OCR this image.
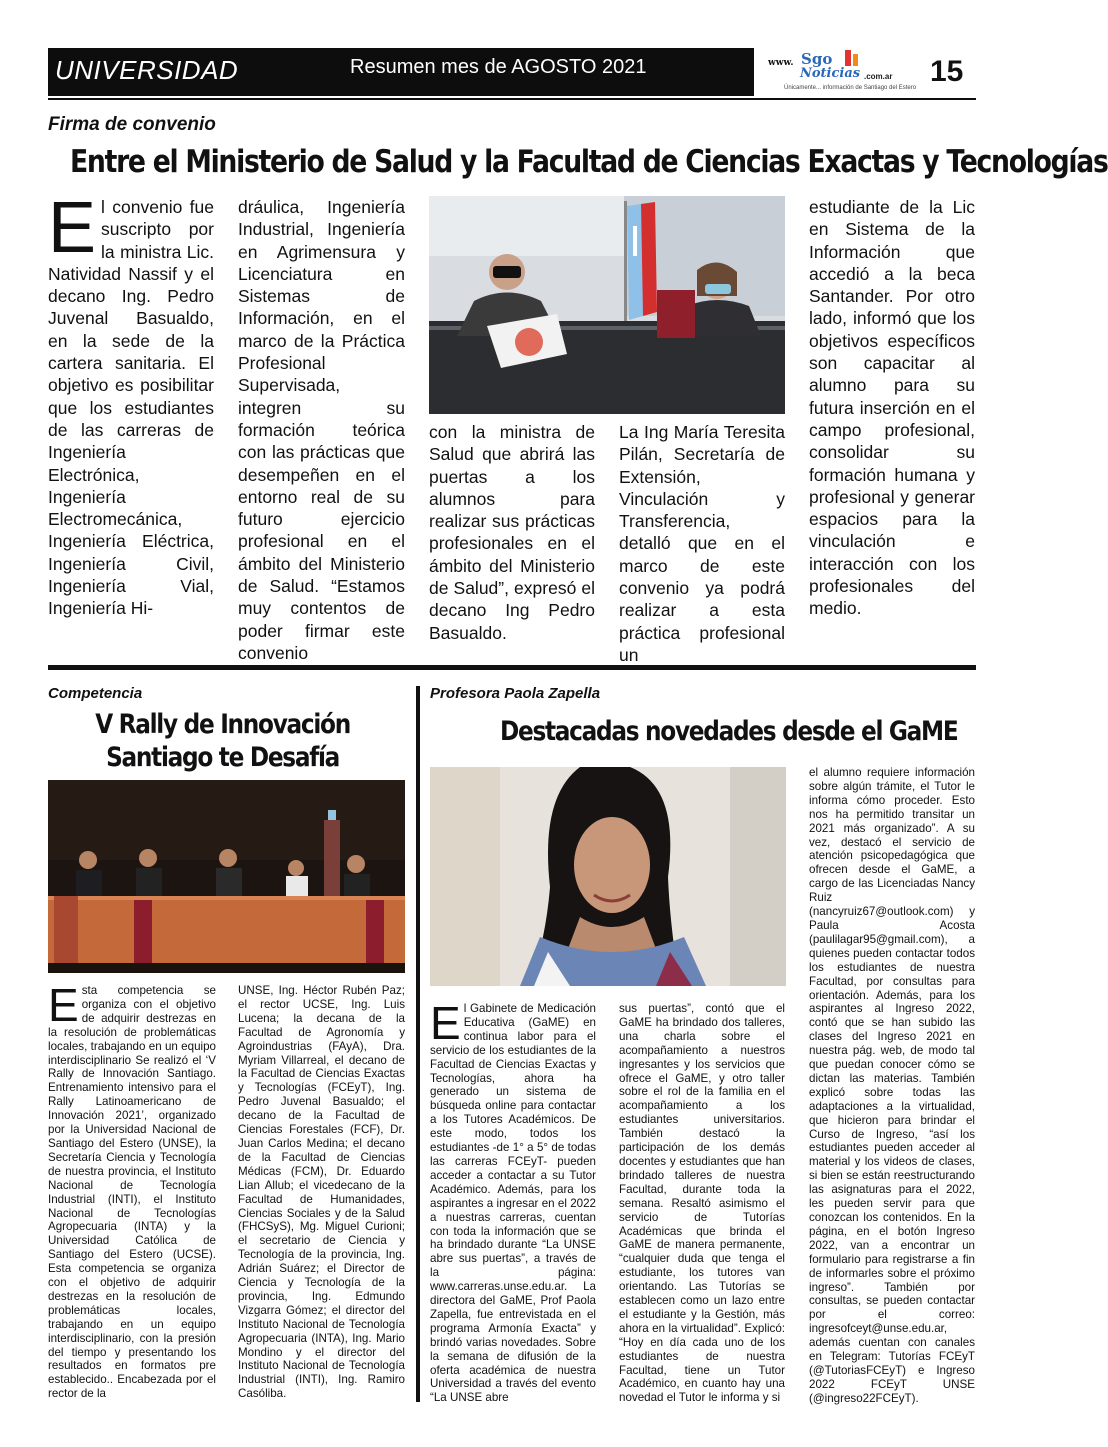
UNIVERSIDAD	Resumen mes de AGOSTO 2021	www. Sgo
Noticias .com.ar
Únicamente... información de Santiago del Estero 15
Firma de convenio
Entre el Ministerio de Salud y la Facultad de Ciencias Exactas y Tecnologías
El convenio fue suscripto por la ministra Lic. Natividad Nassif y el decano Ing. Pedro Juvenal Basualdo, en la sede de la cartera sanitaria. El objetivo es posibilitar que los estudiantes de las carreras de Ingeniería Electrónica, Ingeniería Electromecánica, Ingeniería Eléctrica, Ingeniería Civil, Ingeniería Vial, Ingeniería Hi-
dráulica, Ingeniería Industrial, Ingeniería en Agrimensura y Licenciatura en Sistemas de Información, en el marco de la Práctica Profesional Supervisada, integren su formación teórica con las prácticas que desempeñen en el entorno real de su futuro ejercicio profesional en el ámbito del Ministerio de Salud. “Estamos muy contentos de poder firmar este convenio
con la ministra de Salud que abrirá las puertas a los alumnos para realizar sus prácticas profesionales en el ámbito del Ministerio de Salud”, expresó el decano Ing Pedro Basualdo.
La Ing María Teresita Pilán, Secretaría de Extensión, Vinculación y Transferencia, detalló que en el marco de este convenio ya podrá realizar a esta práctica profesional un
estudiante de la Lic en Sistema de la Información que accedió a la beca Santander. Por otro lado, informó que los objetivos específicos son capacitar al alumno para su futura inserción en el campo profesional, consolidar su formación humana y profesional y generar espacios para la vinculación e interacción con los profesionales del medio.
Competencia
V Rally de Innovación
Santiago te Desafía
Esta competencia se organiza con el objetivo de adquirir destrezas en la resolución de problemáticas locales, trabajando en un equipo interdisciplinario Se realizó el ‘V Rally de Innovación Santiago. Entrenamiento intensivo para el Rally Latinoamericano de Innovación 2021’, organizado por la Universidad Nacional de Santiago del Estero (UNSE), la Secretaría Ciencia y Tecnología de nuestra provincia, el Instituto Nacional de Tecnología Industrial (INTI), el Instituto Nacional de Tecnologías Agropecuaria (INTA) y la Universidad Católica de Santiago del Estero (UCSE). Esta competencia se organiza con el objetivo de adquirir destrezas en la resolución de problemáticas locales, trabajando en un equipo interdisciplinario, con la presión del tiempo y presentando los resultados en formatos pre establecido.. Encabezada por el rector de la
UNSE, Ing. Héctor Rubén Paz; el rector UCSE, Ing. Luis Lucena; la decana de la Facultad de Agronomía y Agroindustrias (FAyA), Dra. Myriam Villarreal, el decano de la Facultad de Ciencias Exactas y Tecnologías (FCEyT), Ing. Pedro Juvenal Basualdo; el decano de la Facultad de Ciencias Forestales (FCF), Dr. Juan Carlos Medina; el decano de la Facultad de Ciencias Médicas (FCM), Dr. Eduardo Lian Allub; el vicedecano de la Facultad de Humanidades, Ciencias Sociales y de la Salud (FHCSyS), Mg. Miguel Curioni; el secretario de Ciencia y Tecnología de la provincia, Ing. Adrián Suárez; el Director de Ciencia y Tecnología de la provincia, Ing. Edmundo Vizgarra Gómez; el director del Instituto Nacional de Tecnología Agropecuaria (INTA), Ing. Mario Mondino y el director del Instituto Nacional de Tecnología Industrial (INTI), Ing. Ramiro Casóliba.
Profesora Paola Zapella
Destacadas novedades desde el GaME
El Gabinete de Medicación Educativa (GaME) en continua labor para el servicio de los estudiantes de la Facultad de Ciencias Exactas y Tecnologías, ahora ha generado un sistema de búsqueda online para contactar a los Tutores Académicos. De este modo, todos los estudiantes -de 1° a 5° de todas las carreras FCEyT- pueden acceder a contactar a su Tutor Académico. Además, para los aspirantes a ingresar en el 2022 a nuestras carreras, cuentan con toda la información que se ha brindado durante “La UNSE abre sus puertas”, a través de la página: www.carreras.unse.edu.ar. La directora del GaME, Prof Paola Zapella, fue entrevistada en el programa Armonía Exacta” y brindó varias novedades. Sobre la semana de difusión de la oferta académica de nuestra Universidad a través del evento “La UNSE abre
sus puertas”, contó que el GaME ha brindado dos talleres, una charla sobre el acompañamiento a nuestros ingresantes y los servicios que ofrece el GaME, y otro taller sobre el rol de la familia en el acompañamiento a los estudiantes universitarios. También destacó la participación de los demás docentes y estudiantes que han brindado talleres de nuestra Facultad, durante toda la semana. Resaltó asimismo el servicio de Tutorías Académicas que brinda el GaME de manera permanente, “cualquier duda que tenga el estudiante, los tutores van orientando. Las Tutorías se establecen como un lazo entre el estudiante y la Gestión, más ahora en la virtualidad”. Explicó: “Hoy en día cada uno de los estudiantes de nuestra Facultad, tiene un Tutor Académico, en cuanto hay una novedad el Tutor le informa y si
el alumno requiere información sobre algún trámite, el Tutor le informa cómo proceder. Esto nos ha permitido transitar un 2021 más organizado”. A su vez, destacó el servicio de atención psicopedagógica que ofrecen desde el GaME, a cargo de las Licenciadas Nancy Ruiz (nancyruiz67@outlook.com) y Paula Acosta (paulilagar95@gmail.com), a quienes pueden contactar todos los estudiantes de nuestra Facultad, por consultas para orientación. Además, para los aspirantes al Ingreso 2022, contó que se han subido las clases del Ingreso 2021 en nuestra pág. web, de modo tal que puedan conocer cómo se dictan las materias. También explicó sobre todas las adaptaciones a la virtualidad, que hicieron para brindar el Curso de Ingreso, “así los estudiantes pueden acceder al material y los videos de clases, si bien se están reestructurando las asignaturas para el 2022, les pueden servir para que conozcan los contenidos. En la página, en el botón Ingreso 2022, van a encontrar un formulario para registrarse a fin de informarles sobre el próximo ingreso”. También por consultas, se pueden contactar por el correo: ingresofceyt@unse.edu.ar, además cuentan con canales en Telegram: Tutorías FCEyT (@TutoriasFCEyT) e Ingreso 2022 FCEyT UNSE (@ingreso22FCEyT).
